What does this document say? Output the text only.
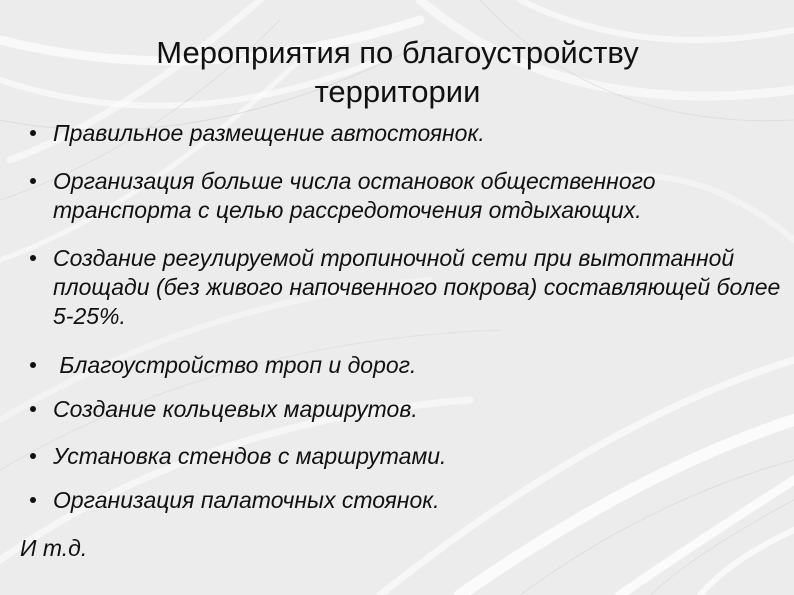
Мероприятия по благоустройству
территории
Правильное размещение автостоянок.
Организация больше числа остановок общественного транспорта с целью рассредоточения отдыхающих.
Создание регулируемой тропиночной сети при вытоптанной площади (без живого напочвенного покрова) составляющей более 5-25%.
Благоустройство троп и дорог.
Создание кольцевых маршрутов.
Установка стендов с маршрутами.
Организация палаточных стоянок.
И т.д.
